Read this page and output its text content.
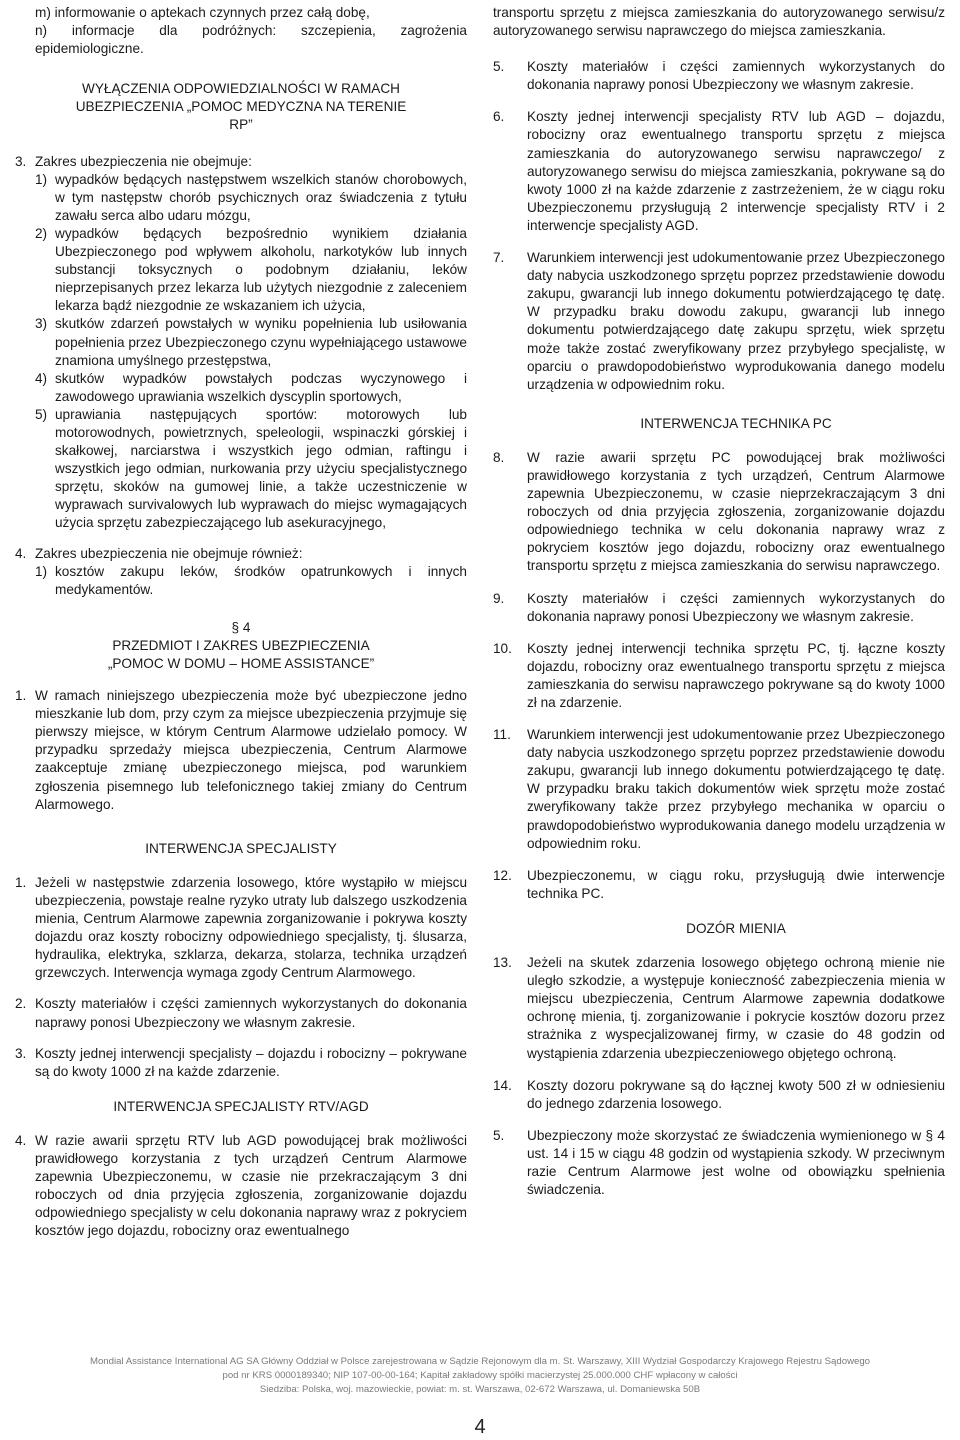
m) informowanie o aptekach czynnych przez całą dobę,
n) informacje dla podróżnych: szczepienia, zagrożenia epidemiologiczne.

WYŁĄCZENIA ODPOWIEDZIALNOŚCI W RAMACH UBEZPIECZENIA „POMOC MEDYCZNA NA TERENIE RP”

3. Zakres ubezpieczenia nie obejmuje:
1) wypadków będących następstwem wszelkich stanów chorobowych, w tym następstw chorób psychicznych oraz świadczenia z tytułu zawału serca albo udaru mózgu,
2) wypadków będących bezpośrednio wynikiem działania Ubezpieczonego pod wpływem alkoholu, narkotyków lub innych substancji toksycznych o podobnym działaniu, leków nieprzepisanych przez lekarza lub użytych niezgodnie z zaleceniem lekarza bądź niezgodnie ze wskazaniem ich użycia,
3) skutków zdarzeń powstałych w wyniku popełnienia lub usiłowania popełnienia przez Ubezpieczonego czynu wypełniającego ustawowe znamiona umyślnego przestępstwa,
4) skutków wypadków powstałych podczas wyczynowego i zawodowego uprawiania wszelkich dyscyplin sportowych,
5) uprawiania następujących sportów: motorowych lub motorowodnych, powietrznych, speleologii, wspinaczki górskiej i skałkowej, narciarstwa i wszystkich jego odmian, raftingu i wszystkich jego odmian, nurkowania przy użyciu specjalistycznego sprzętu, skoków na gumowej linie, a także uczestniczenie w wyprawach survivalowych lub wyprawach do miejsc wymagających użycia sprzętu zabezpieczającego lub asekuracyjnego,
4. Zakres ubezpieczenia nie obejmuje również:
1) kosztów zakupu leków, środków opatrunkowych i innych medykamentów.

§ 4

PRZEDMIOT I ZAKRES UBEZPIECZENIA

„POMOC W DOMU – HOME ASSISTANCE”

1. W ramach niniejszego ubezpieczenia może być ubezpieczone jedno mieszkanie lub dom, przy czym za miejsce ubezpieczenia przyjmuje się pierwszy miejsce, w którym Centrum Alarmowe udzielało pomocy. W przypadku sprzedaży miejsca ubezpieczenia, Centrum Alarmowe zaakceptuje zmianę ubezpieczonego miejsca, pod warunkiem zgłoszenia pisemnego lub telefonicznego takiej zmiany do Centrum Alarmowego.

INTERWENCJA SPECJALISTY

1. Jeżeli w następstwie zdarzenia losowego, które wystąpiło w miejscu ubezpieczenia, powstaje realne ryzyko utraty lub dalszego uszkodzenia mienia, Centrum Alarmowe zapewnia zorganizowanie i pokrywa koszty dojazdu oraz koszty robocizny odpowiedniego specjalisty, tj. ślusarza, hydraulika, elektryka, szklarza, dekarza, stolarza, technika urządzeń grzewczych. Interwencja wymaga zgody Centrum Alarmowego.
2. Koszty materiałów i części zamiennych wykorzystanych do dokonania naprawy ponosi Ubezpieczony we własnym zakresie.
3. Koszty jednej interwencji specjalisty – dojazdu i robocizny – pokrywane są do kwoty 1000 zł na każde zdarzenie.

INTERWENCJA SPECJALISTY RTV/AGD

4. W razie awarii sprzętu RTV lub AGD powodującej brak możliwości prawidłowego korzystania z tych urządzeń Centrum Alarmowe zapewnia Ubezpieczonemu, w czasie nie przekraczającym 3 dni roboczych od dnia przyjęcia zgłoszenia, zorganizowanie dojazdu odpowiedniego specjalisty w celu dokonania naprawy wraz z pokryciem kosztów jego dojazdu, robocizny oraz ewentualnego
transportu sprzętu z miejsca zamieszkania do autoryzowanego serwisu/z autoryzowanego serwisu naprawczego do miejsca zamieszkania.
5. Koszty materiałów i części zamiennych wykorzystanych do dokonania naprawy ponosi Ubezpieczony we własnym zakresie.
6. Koszty jednej interwencji specjalisty RTV lub AGD – dojazdu, robocizny oraz ewentualnego transportu sprzętu z miejsca zamieszkania do autoryzowanego serwisu naprawczego/ z autoryzowanego serwisu do miejsca zamieszkania, pokrywane są do kwoty 1000 zł na każde zdarzenie z zastrzeżeniem, że w ciągu roku Ubezpieczonemu przysługują 2 interwencje specjalisty RTV i 2 interwencje specjalisty AGD.
7. Warunkiem interwencji jest udokumentowanie przez Ubezpieczonego daty nabycia uszkodzonego sprzętu poprzez przedstawienie dowodu zakupu, gwarancji lub innego dokumentu potwierdzającego tę datę. W przypadku braku dowodu zakupu, gwarancji lub innego dokumentu potwierdzającego datę zakupu sprzętu, wiek sprzętu może także zostać zweryfikowany przez przybyłego specjalistę, w oparciu o prawdopodobieństwo wyprodukowania danego modelu urządzenia w odpowiednim roku.

INTERWENCJA TECHNIKA PC

8. W razie awarii sprzętu PC powodującej brak możliwości prawidłowego korzystania z tych urządzeń, Centrum Alarmowe zapewnia Ubezpieczonemu, w czasie nieprzekraczającym 3 dni roboczych od dnia przyjęcia zgłoszenia, zorganizowanie dojazdu odpowiedniego technika w celu dokonania naprawy wraz z pokryciem kosztów jego dojazdu, robocizny oraz ewentualnego transportu sprzętu z miejsca zamieszkania do serwisu naprawczego.
9. Koszty materiałów i części zamiennych wykorzystanych do dokonania naprawy ponosi Ubezpieczony we własnym zakresie.
10. Koszty jednej interwencji technika sprzętu PC, tj. łączne koszty dojazdu, robocizny oraz ewentualnego transportu sprzętu z miejsca zamieszkania do serwisu naprawczego pokrywane są do kwoty 1000 zł na zdarzenie.
11. Warunkiem interwencji jest udokumentowanie przez Ubezpieczonego daty nabycia uszkodzonego sprzętu poprzez przedstawienie dowodu zakupu, gwarancji lub innego dokumentu potwierdzającego tę datę. W przypadku braku takich dokumentów wiek sprzętu może zostać zweryfikowany także przez przybyłego mechanika w oparciu o prawdopodobieństwo wyprodukowania danego modelu urządzenia w odpowiednim roku.
12. Ubezpieczonemu, w ciągu roku, przysługują dwie interwencje technika PC.

DOZÓR MIENIA

13. Jeżeli na skutek zdarzenia losowego objętego ochroną mienie nie uległo szkodzie, a występuje konieczność zabezpieczenia mienia w miejscu ubezpieczenia, Centrum Alarmowe zapewnia dodatkowe ochronę mienia, tj. zorganizowanie i pokrycie kosztów dozoru przez strażnika z wyspecjalizowanej firmy, w czasie do 48 godzin od wystąpienia zdarzenia ubezpieczeniowego objętego ochroną.
14. Koszty dozoru pokrywane są do łącznej kwoty 500 zł w odniesieniu do jednego zdarzenia losowego.
5. Ubezpieczony może skorzystać ze świadczenia wymienionego w § 4 ust. 14 i 15 w ciągu 48 godzin od wystąpienia szkody. W przeciwnym razie Centrum Alarmowe jest wolne od obowiązku spełnienia świadczenia.
Mondial Assistance International AG SA Główny Oddział w Polsce zarejestrowana w Sądzie Rejonowym dla m. St. Warszawy, XIII Wydział Gospodarczy Krajowego Rejestru Sądowego
pod nr KRS 0000189340; NIP 107-00-00-164; Kapitał zakładowy spółki macierzystej 25.000.000 CHF wpłacony w całości
Siedziba: Polska, woj. mazowieckie, powiat: m. st. Warszawa, 02-672 Warszawa, ul. Domaniewska 50B
4
